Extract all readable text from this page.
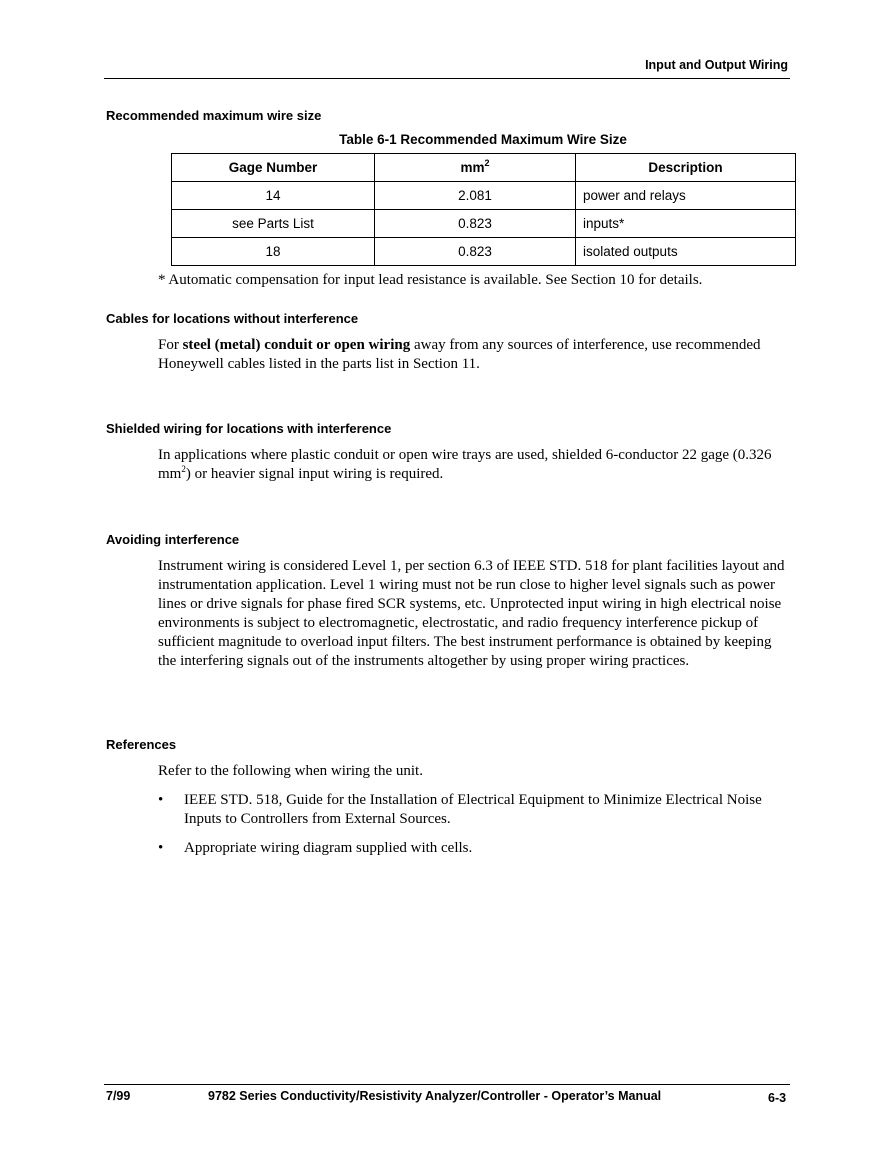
Input and Output Wiring
Recommended maximum wire size
Table 6-1 Recommended Maximum Wire Size
Gage Number	$mm^2$	Description
14	2.081	power and relays
see Parts List	0.823	inputs*
18	0.823	isolated outputs
* Automatic compensation for input lead resistance is available. See Section 10 for details.
Cables for locations without interference
For steel (metal) conduit or open wiring away from any sources of interference, use recommended Honeywell cables listed in the parts list in Section 11.
Shielded wiring for locations with interference
In applications where plastic conduit or open wire trays are used, shielded 6-conductor 22 gage (0.326 $mm^2$) or heavier signal input wiring is required.
Avoiding interference
Instrument wiring is considered Level 1, per section 6.3 of IEEE STD. 518 for plant facilities layout and instrumentation application. Level 1 wiring must not be run close to higher level signals such as power lines or drive signals for phase fired SCR systems, etc. Unprotected input wiring in high electrical noise environments is subject to electromagnetic, electrostatic, and radio frequency interference pickup of sufficient magnitude to overload input filters. The best instrument performance is obtained by keeping the interfering signals out of the instruments altogether by using proper wiring practices.
References
Refer to the following when wiring the unit.
• IEEE STD. 518, Guide for the Installation of Electrical Equipment to Minimize Electrical Noise Inputs to Controllers from External Sources.
• Appropriate wiring diagram supplied with cells.
7/99	9782 Series Conductivity/Resistivity Analyzer/Controller - Operator’s Manual	6-3
